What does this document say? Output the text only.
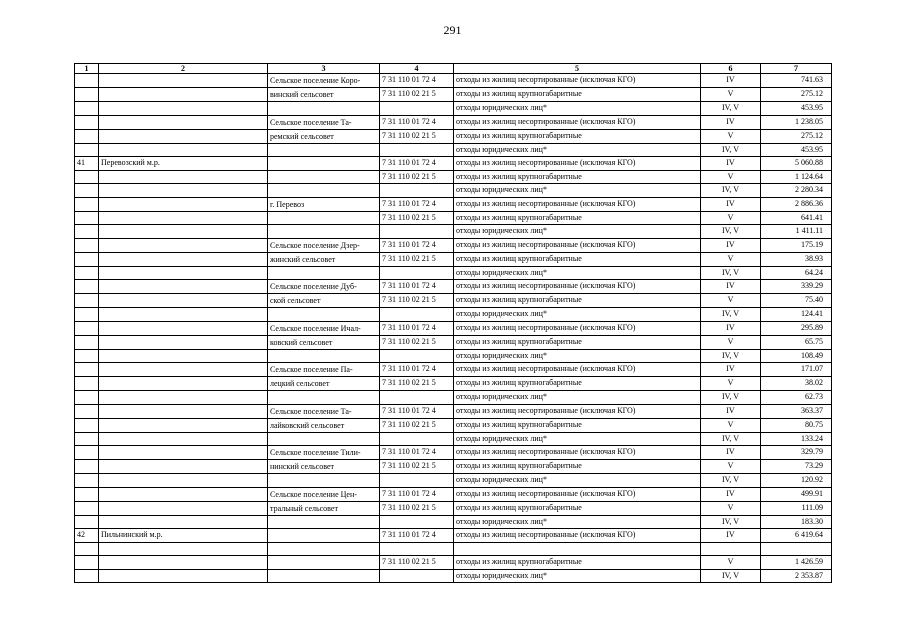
291
1	2	3	4	5	6	7
		Сельское поселение Коро-	7 31 110 01 72 4	отходы из жилищ несортированные (исключая КГО)	IV	741.63
		винский сельсовет	7 31 110 02 21 5	отходы из жилищ крупногабаритные	V	275.12
				отходы юридических лиц*	IV, V	453.95
		Сельское поселение Та-	7 31 110 01 72 4	отходы из жилищ несортированные (исключая КГО)	IV	1 238.05
		ремский сельсовет	7 31 110 02 21 5	отходы из жилищ крупногабаритные	V	275.12
				отходы юридических лиц*	IV, V	453.95
41	Перевозский м.р.		7 31 110 01 72 4	отходы из жилищ несортированные (исключая КГО)	IV	5 060.88
			7 31 110 02 21 5	отходы из жилищ крупногабаритные	V	1 124.64
				отходы юридических лиц*	IV, V	2 280.34
		г. Перевоз	7 31 110 01 72 4	отходы из жилищ несортированные (исключая КГО)	IV	2 886.36
			7 31 110 02 21 5	отходы из жилищ крупногабаритные	V	641.41
				отходы юридических лиц*	IV, V	1 411.11
		Сельское поселение Дзер-	7 31 110 01 72 4	отходы из жилищ несортированные (исключая КГО)	IV	175.19
		жинский сельсовет	7 31 110 02 21 5	отходы из жилищ крупногабаритные	V	38.93
				отходы юридических лиц*	IV, V	64.24
		Сельское поселение Дуб-	7 31 110 01 72 4	отходы из жилищ несортированные (исключая КГО)	IV	339.29
		ской сельсовет	7 31 110 02 21 5	отходы из жилищ крупногабаритные	V	75.40
				отходы юридических лиц*	IV, V	124.41
		Сельское поселение Ичал-	7 31 110 01 72 4	отходы из жилищ несортированные (исключая КГО)	IV	295.89
		ковский сельсовет	7 31 110 02 21 5	отходы из жилищ крупногабаритные	V	65.75
				отходы юридических лиц*	IV, V	108.49
		Сельское поселение Па-	7 31 110 01 72 4	отходы из жилищ несортированные (исключая КГО)	IV	171.07
		лецкий сельсовет	7 31 110 02 21 5	отходы из жилищ крупногабаритные	V	38.02
				отходы юридических лиц*	IV, V	62.73
		Сельское поселение Та-	7 31 110 01 72 4	отходы из жилищ несортированные (исключая КГО)	IV	363.37
		лайковский сельсовет	7 31 110 02 21 5	отходы из жилищ крупногабаритные	V	80.75
				отходы юридических лиц*	IV, V	133.24
		Сельское поселение Тили-	7 31 110 01 72 4	отходы из жилищ несортированные (исключая КГО)	IV	329.79
		нинский сельсовет	7 31 110 02 21 5	отходы из жилищ крупногабаритные	V	73.29
				отходы юридических лиц*	IV, V	120.92
		Сельское поселение Цен-	7 31 110 01 72 4	отходы из жилищ несортированные (исключая КГО)	IV	499.91
		тральный сельсовет	7 31 110 02 21 5	отходы из жилищ крупногабаритные	V	111.09
				отходы юридических лиц*	IV, V	183.30
42	Пильнинский м.р.		7 31 110 01 72 4	отходы из жилищ несортированные (исключая КГО)	IV	6 419.64

			7 31 110 02 21 5	отходы из жилищ крупногабаритные	V	1 426.59
				отходы юридических лиц*	IV, V	2 353.87
